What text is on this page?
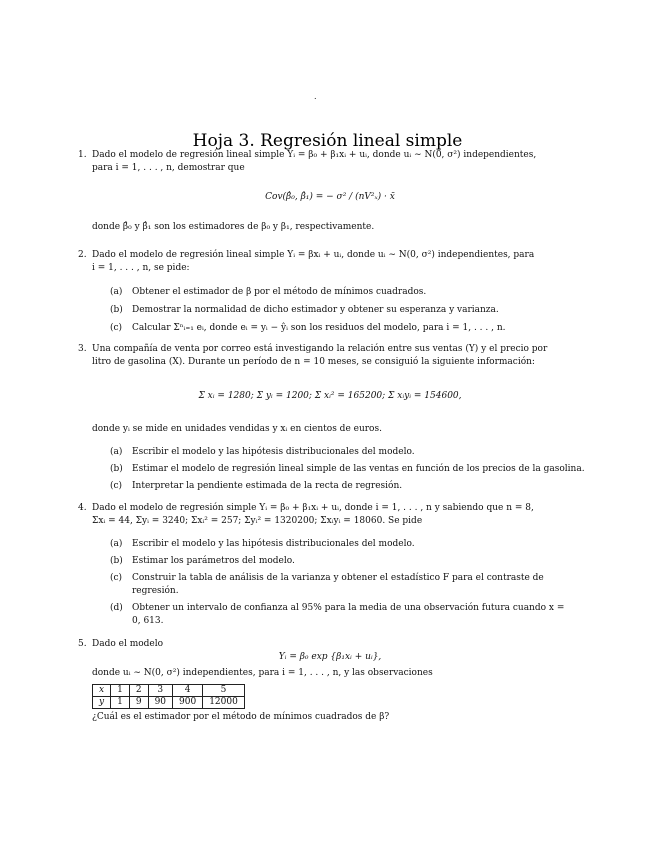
.
Hoja 3. Regresión lineal simple
1. Dado el modelo de regresión lineal simple Yᵢ = β₀ + β₁xᵢ + uᵢ, donde uᵢ ∼ N(0, σ²) independientes,
para i = 1, . . . , n, demostrar que
Cov(β̂₀, β̂₁) = − σ² / (nV²ₓ) · x̄
donde β̂₀ y β̂₁ son los estimadores de β₀ y β₁, respectivamente.
2. Dado el modelo de regresión lineal simple Yᵢ = βxᵢ + uᵢ, donde uᵢ ∼ N(0, σ²) independientes, para
i = 1, . . . , n, se pide:
(a) Obtener el estimador de β por el método de mínimos cuadrados.
(b) Demostrar la normalidad de dicho estimador y obtener su esperanza y varianza.
(c) Calcular Σⁿᵢ₌₁ eᵢ, donde eᵢ = yᵢ − ŷᵢ son los residuos del modelo, para i = 1, . . . , n.
3. Una compañía de venta por correo está investigando la relación entre sus ventas (Y) y el precio por
litro de gasolina (X). Durante un período de n = 10 meses, se consiguió la siguiente información:
Σ xᵢ = 1280; Σ yᵢ = 1200; Σ xᵢ² = 165200; Σ xᵢyᵢ = 154600,
donde yᵢ se mide en unidades vendidas y xᵢ en cientos de euros.
(a) Escribir el modelo y las hipótesis distribucionales del modelo.
(b) Estimar el modelo de regresión lineal simple de las ventas en función de los precios de la gasolina.
(c) Interpretar la pendiente estimada de la recta de regresión.
4. Dado el modelo de regresión simple Yᵢ = β₀ + β₁xᵢ + uᵢ, donde i = 1, . . . , n y sabiendo que n = 8,
Σxᵢ = 44, Σyᵢ = 3240; Σxᵢ² = 257; Σyᵢ² = 1320200; Σxᵢyᵢ = 18060. Se pide
(a) Escribir el modelo y las hipótesis distribucionales del modelo.
(b) Estimar los parámetros del modelo.
(c) Construir la tabla de análisis de la varianza y obtener el estadístico F para el contraste de regresión.
(d) Obtener un intervalo de confianza al 95% para la media de una observación futura cuando x = 0, 613.
5. Dado el modelo
Yᵢ = β₀ exp {β₁xᵢ + uᵢ},
donde uᵢ ∼ N(0, σ²) independientes, para i = 1, . . . , n, y las observaciones
x	1	2	3	4	5
y	1	9	90	900	12000
¿Cuál es el estimador por el método de mínimos cuadrados de β?
